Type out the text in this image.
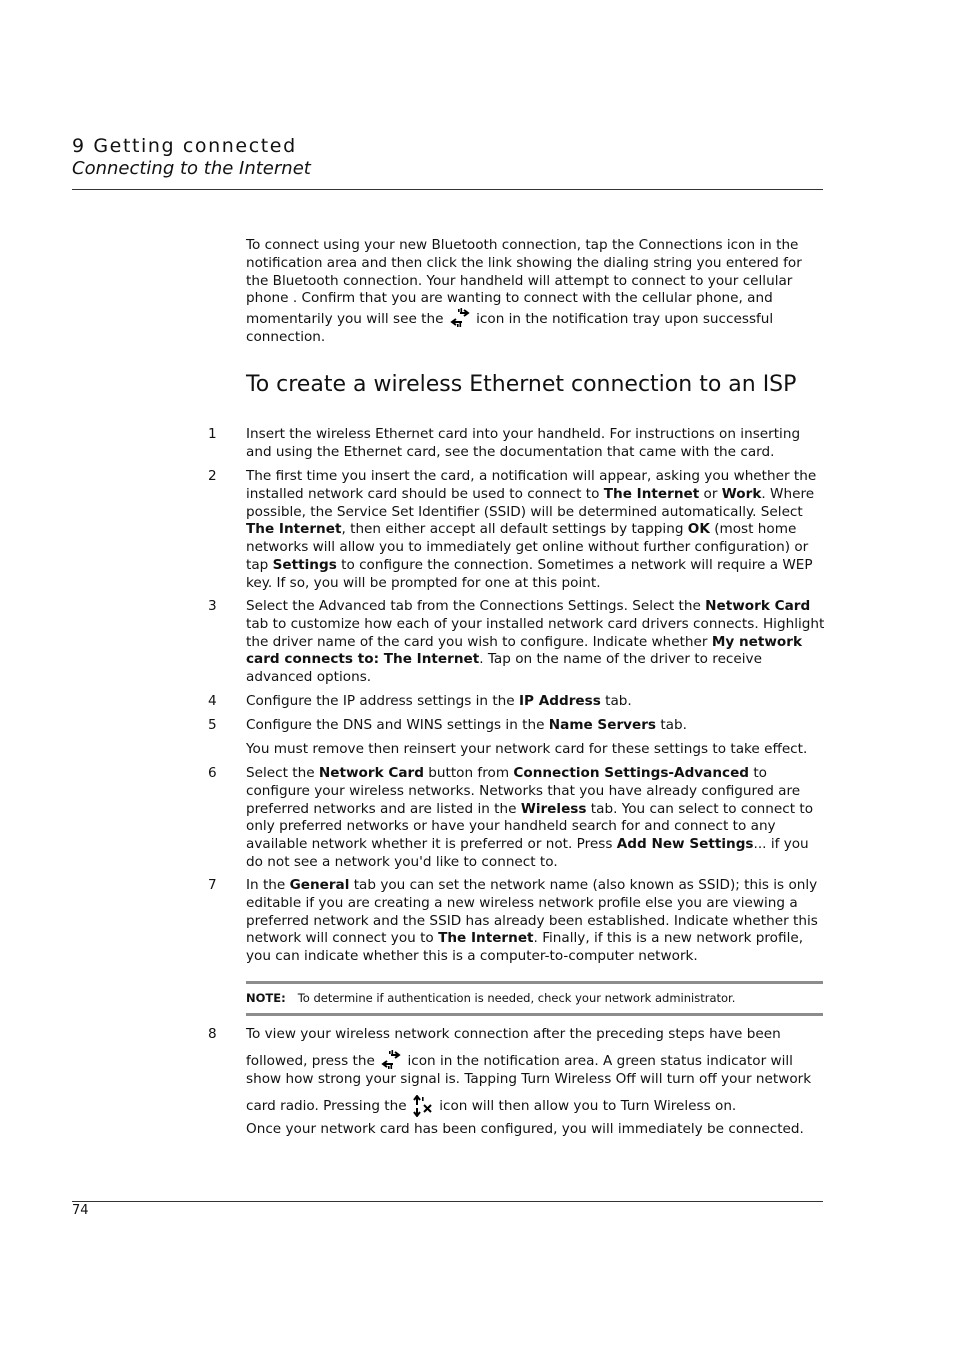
9 Getting connected
Connecting to the Internet

To connect using your new Bluetooth connection, tap the Connections icon in the notification area and then click the link showing the dialing string you entered for the Bluetooth connection. Your handheld will attempt to connect to your cellular phone . Confirm that you are wanting to connect with the cellular phone, and momentarily you will see the icon in the notification tray upon successful connection.

To create a wireless Ethernet connection to an ISP
1 Insert the wireless Ethernet card into your handheld. For instructions on inserting and using the Ethernet card, see the documentation that came with the card.

2 The first time you insert the card, a notification will appear, asking you whether the installed network card should be used to connect to The Internet or Work. Where possible, the Service Set Identifier (SSID) will be determined automatically. Select The Internet, then either accept all default settings by tapping OK (most home networks will allow you to immediately get online without further configuration) or tap Settings to configure the connection. Sometimes a network will require a WEP key. If so, you will be prompted for one at this point.

3 Select the Advanced tab from the Connections Settings. Select the Network Card tab to customize how each of your installed network card drivers connects. Highlight the driver name of the card you wish to configure. Indicate whether My network card connects to: The Internet. Tap on the name of the driver to receive advanced options.

4 Configure the IP address settings in the IP Address tab.

5 Configure the DNS and WINS settings in the Name Servers tab.

You must remove then reinsert your network card for these settings to take effect.

6 Select the Network Card button from Connection Settings-Advanced to configure your wireless networks. Networks that you have already configured are preferred networks and are listed in the Wireless tab. You can select to connect to only preferred networks or have your handheld search for and connect to any available network whether it is preferred or not. Press Add New Settings... if you do not see a network you'd like to connect to.

7 In the General tab you can set the network name (also known as SSID); this is only editable if you are creating a new wireless network profile else you are viewing a preferred network and the SSID has already been established. Indicate whether this network will connect you to The Internet. Finally, if this is a new network profile, you can indicate whether this is a computer-to-computer network.

NOTE: To determine if authentication is needed, check your network administrator.
8 To view your wireless network connection after the preceding steps have been

followed, press the icon in the notification area. A green status indicator will show how strong your signal is. Tapping Turn Wireless Off will turn off your network

card radio. Pressing the icon will then allow you to Turn Wireless on.

Once your network card has been configured, you will immediately be connected.

74
